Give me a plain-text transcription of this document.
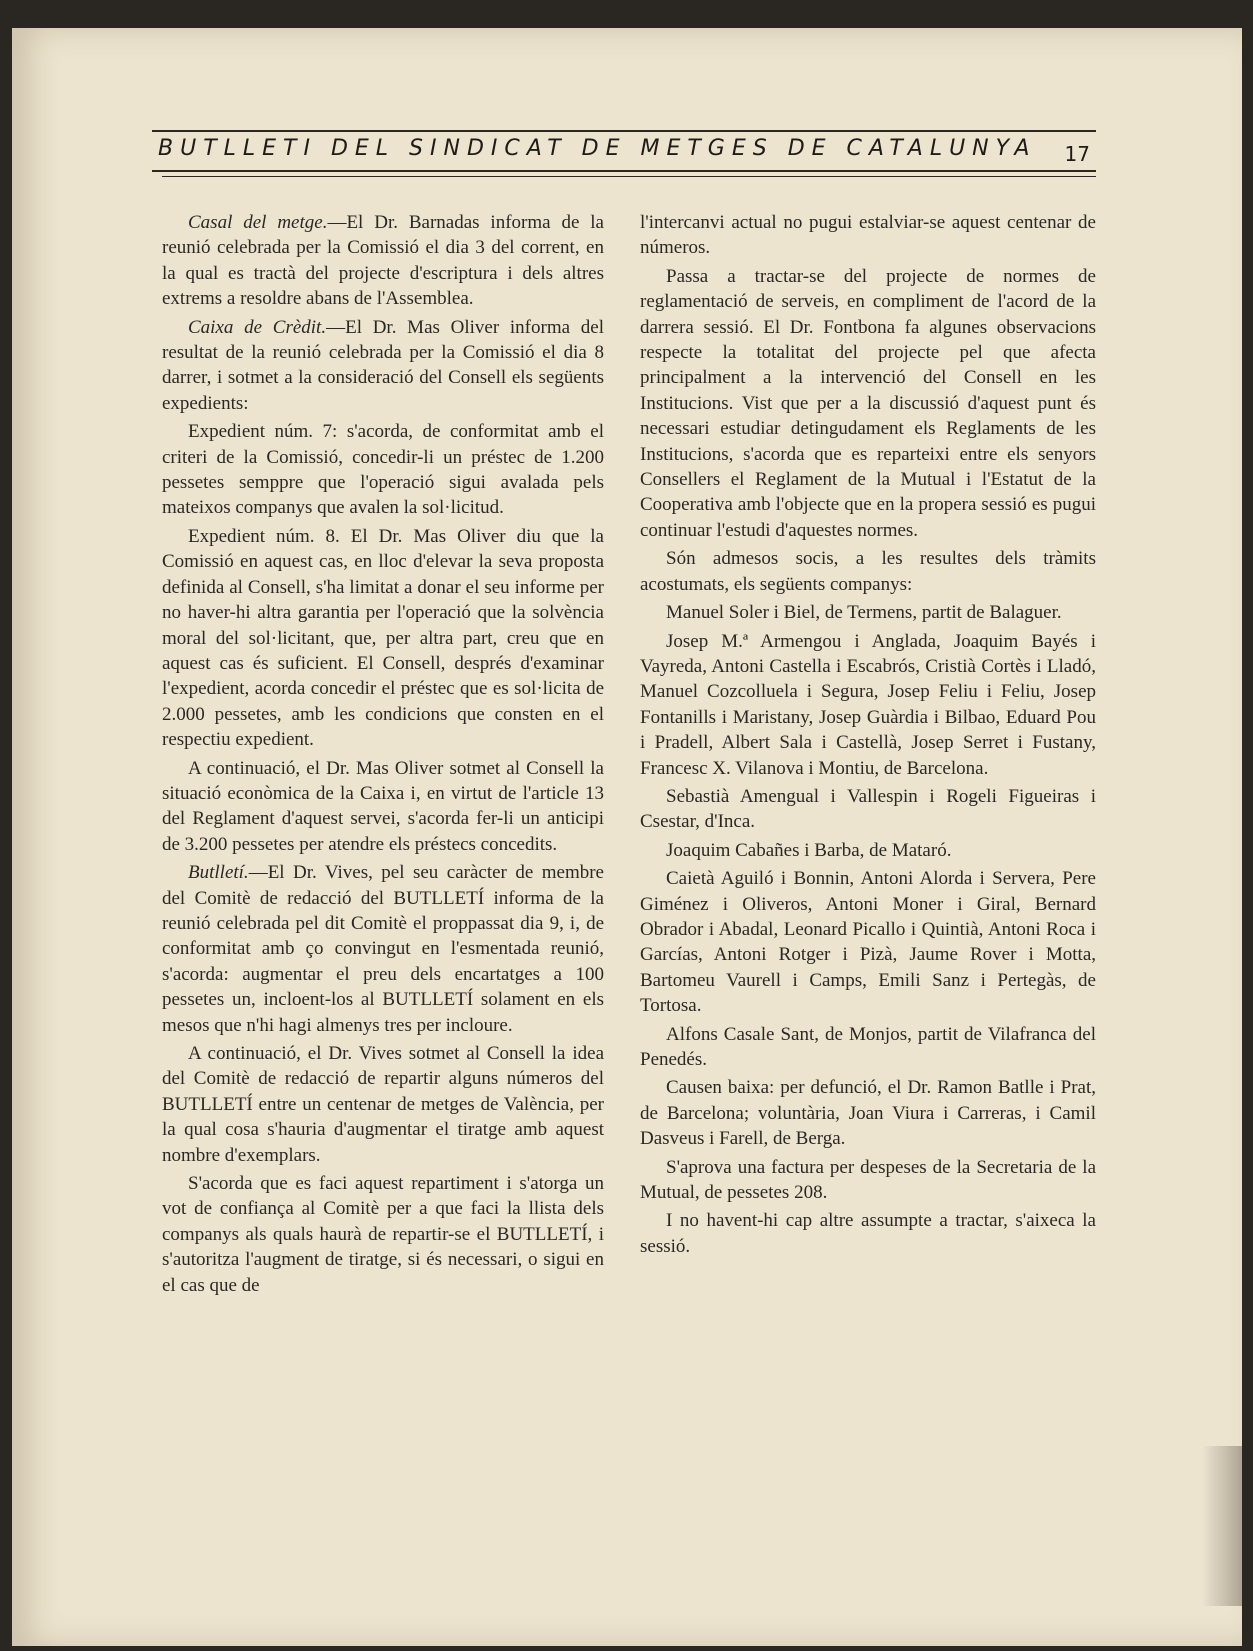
BUTLLETI DEL SINDICAT DE METGES DE CATALUNYA 17

Casal del metge.—El Dr. Barnadas informa de la reunió celebrada per la Comissió el dia 3 del corrent, en la qual es tractà del projecte d'escriptura i dels altres extrems a resoldre abans de l'Assemblea.

Caixa de Crèdit.—El Dr. Mas Oliver informa del resultat de la reunió celebrada per la Comissió el dia 8 darrer, i sotmet a la consideració del Consell els següents expedients:

Expedient núm. 7: s'acorda, de conformitat amb el criteri de la Comissió, concedir-li un préstec de 1.200 pessetes semppre que l'operació sigui avalada pels mateixos companys que avalen la sol·licitud.

Expedient núm. 8. El Dr. Mas Oliver diu que la Comissió en aquest cas, en lloc d'elevar la seva proposta definida al Consell, s'ha limitat a donar el seu informe per no haver-hi altra garantia per l'operació que la solvència moral del sol·licitant, que, per altra part, creu que en aquest cas és suficient. El Consell, després d'examinar l'expedient, acorda concedir el préstec que es sol·licita de 2.000 pessetes, amb les condicions que consten en el respectiu expedient.

A continuació, el Dr. Mas Oliver sotmet al Consell la situació econòmica de la Caixa i, en virtut de l'article 13 del Reglament d'aquest servei, s'acorda fer-li un anticipi de 3.200 pessetes per atendre els préstecs concedits.

Butlletí.—El Dr. Vives, pel seu caràcter de membre del Comitè de redacció del BUTLLETÍ informa de la reunió celebrada pel dit Comitè el proppassat dia 9, i, de conformitat amb ço convingut en l'esmentada reunió, s'acorda: augmentar el preu dels encartatges a 100 pessetes un, incloent-los al BUTLLETÍ solament en els mesos que n'hi hagi almenys tres per incloure.

A continuació, el Dr. Vives sotmet al Consell la idea del Comitè de redacció de repartir alguns números del BUTLLETÍ entre un centenar de metges de València, per la qual cosa s'hauria d'augmentar el tiratge amb aquest nombre d'exemplars.

S'acorda que es faci aquest repartiment i s'atorga un vot de confiança al Comitè per a que faci la llista dels companys als quals haurà de repartir-se el BUTLLETÍ, i s'autoritza l'augment de tiratge, si és necessari, o sigui en el cas que de

l'intercanvi actual no pugui estalviar-se aquest centenar de números.

Passa a tractar-se del projecte de normes de reglamentació de serveis, en compliment de l'acord de la darrera sessió. El Dr. Fontbona fa algunes observacions respecte la totalitat del projecte pel que afecta principalment a la intervenció del Consell en les Institucions. Vist que per a la discussió d'aquest punt és necessari estudiar detingudament els Reglaments de les Institucions, s'acorda que es reparteixi entre els senyors Consellers el Reglament de la Mutual i l'Estatut de la Cooperativa amb l'objecte que en la propera sessió es pugui continuar l'estudi d'aquestes normes.

Són admesos socis, a les resultes dels tràmits acostumats, els següents companys:

Manuel Soler i Biel, de Termens, partit de Balaguer.

Josep M.ª Armengou i Anglada, Joaquim Bayés i Vayreda, Antoni Castella i Escabrós, Cristià Cortès i Lladó, Manuel Cozcolluela i Segura, Josep Feliu i Feliu, Josep Fontanills i Maristany, Josep Guàrdia i Bilbao, Eduard Pou i Pradell, Albert Sala i Castellà, Josep Serret i Fustany, Francesc X. Vilanova i Montiu, de Barcelona.

Sebastià Amengual i Vallespin i Rogeli Figueiras i Csestar, d'Inca.

Joaquim Cabañes i Barba, de Mataró.

Caietà Aguiló i Bonnin, Antoni Alorda i Servera, Pere Giménez i Oliveros, Antoni Moner i Giral, Bernard Obrador i Abadal, Leonard Picallo i Quintià, Antoni Roca i Garcías, Antoni Rotger i Pizà, Jaume Rover i Motta, Bartomeu Vaurell i Camps, Emili Sanz i Pertegàs, de Tortosa.

Alfons Casale Sant, de Monjos, partit de Vilafranca del Penedés.

Causen baixa: per defunció, el Dr. Ramon Batlle i Prat, de Barcelona; voluntària, Joan Viura i Carreras, i Camil Dasveus i Farell, de Berga.

S'aprova una factura per despeses de la Secretaria de la Mutual, de pessetes 208.

I no havent-hi cap altre assumpte a tractar, s'aixeca la sessió.
